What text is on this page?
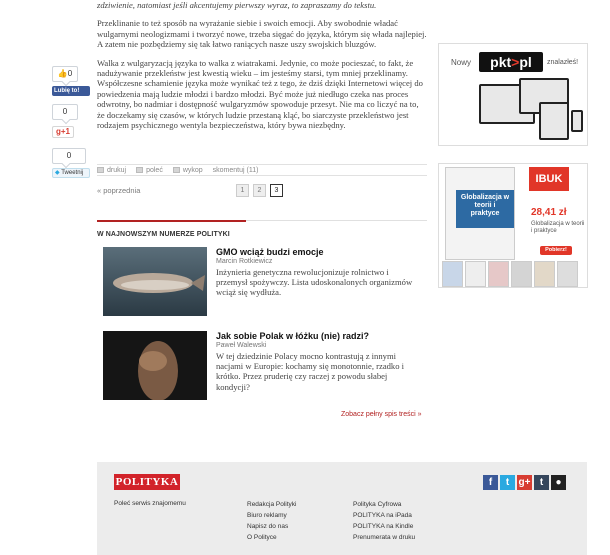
👍0
Lubię to!
0
g+1
0
◆ Tweetnij

zdziwienie, natomiast jeśli akcentujemy pierwszy wyraz, to zapraszamy do tekstu.

Przeklinanie to też sposób na wyrażanie siebie i swoich emocji. Aby swobodnie władać wulgarnymi neologizmami i tworzyć nowe, trzeba sięgać do języka, którym się włada najlepiej. A zatem nie pozbędziemy się tak łatwo raniących nasze uszy swojskich bluzgów.

Walka z wulgaryzacją języka to walka z wiatrakami. Jedynie, co może pocieszać, to fakt, że nadużywanie przekleństw jest kwestią wieku – im jesteśmy starsi, tym mniej przeklinamy. Współczesne schamienie języka może wynikać też z tego, że dziś dzięki Internetowi więcej do powiedzenia mają ludzie młodzi i bardzo młodzi. Być może już niedługo czeka nas proces odwrotny, bo nadmiar i dostępność wulgaryzmów spowoduje przesyt. Nie ma co liczyć na to, że doczekamy się czasów, w których ludzie przestaną kląć, bo siarczyste przekleństwo jest rodzajem psychicznego wentyla bezpieczeństwa, który bywa niezbędny.

drukuj	poleć	wykop skomentuj (11)
« poprzednia	1	2	3
W NAJNOWSZYM NUMERZE POLITYKI
GMO wciąż budzi emocje
Marcin Rotkiewicz
Inżynieria genetyczna rewolucjonizuje rolnictwo i przemysł spożywczy. Lista udoskonalonych organizmów wciąż się wydłuża.
Jak sobie Polak w łóżku (nie) radzi?
Paweł Walewski
W tej dziedzinie Polacy mocno kontrastują z innymi nacjami w Europie: kochamy się monotonnie, rzadko i krótko. Przez pruderię czy raczej z powodu słabej kondycji?
Zobacz pełny spis treści »
Nowy	pkt>pl	znalazłeś!
Globalizacja w teorii i praktyce
IBUK
28,41 zł
Globalizacja w teorii i praktyce
Pobierz!
POLITYKA
Poleć serwis znajomemu	Redakcja Polityki
Biuro reklamy
Napisz do nas
O Polityce
Polityka Cyfrowa
POLITYKA na iPada
POLITYKA na Kindle
Prenumerata w druku
f	t g+ t	●
